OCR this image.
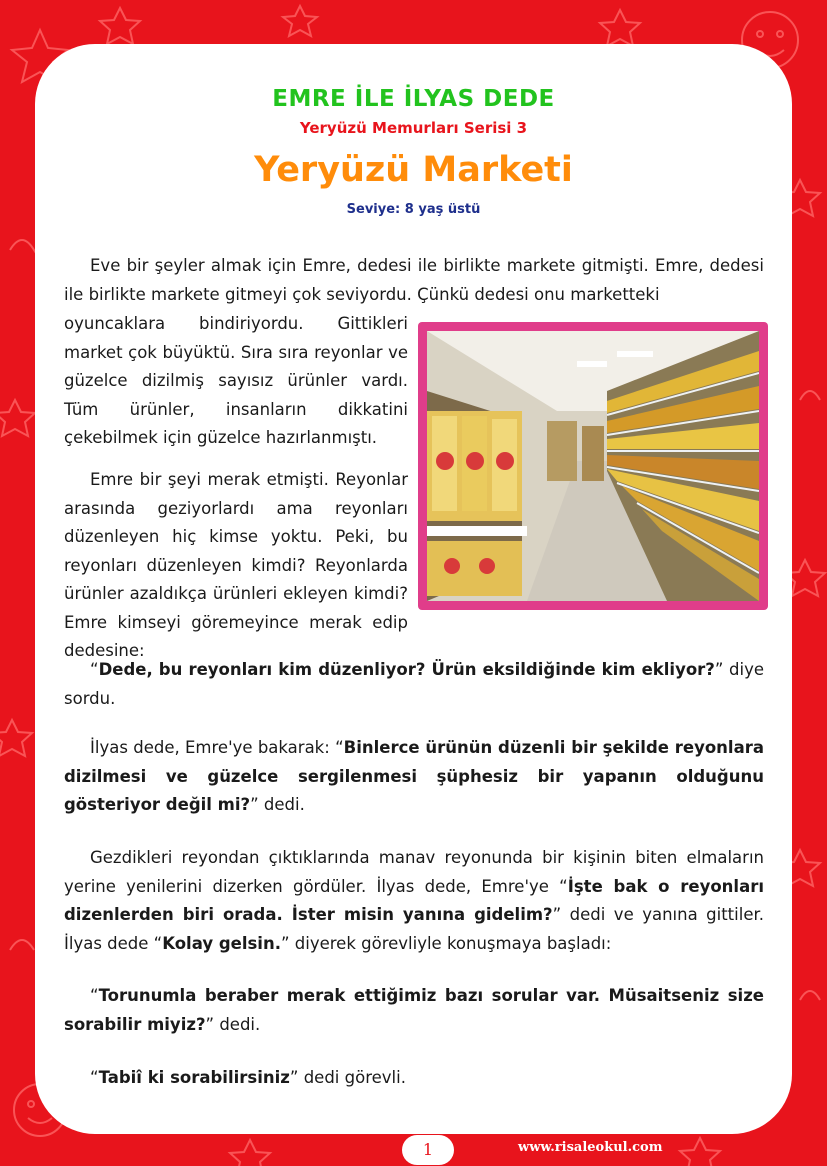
EMRE İLE İLYAS DEDE
Yeryüzü Memurları Serisi 3
Yeryüzü Marketi
Seviye: 8 yaş üstü
Eve bir şeyler almak için Emre, dedesi ile birlikte markete gitmişti. Emre, dedesi ile birlikte markete gitmeyi çok seviyordu. Çünkü dedesi onu marketteki
oyuncaklara bindiriyordu. Gittikleri market çok büyüktü. Sıra sıra reyonlar ve güzelce dizilmiş sayısız ürünler vardı. Tüm ürünler, insanların dikkatini çekebilmek için güzelce hazırlanmıştı.
Emre bir şeyi merak etmişti. Reyonlar arasında geziyorlardı ama reyonları düzenleyen hiç kimse yoktu. Peki, bu reyonları düzenleyen kimdi? Reyonlarda ürünler azaldıkça ürünleri ekleyen kimdi? Emre kimseyi göremeyince merak edip dedesine:
“Dede, bu reyonları kim düzenliyor? Ürün eksildiğinde kim ekliyor?” diye sordu.
İlyas dede, Emre'ye bakarak: “Binlerce ürünün düzenli bir şekilde reyonlara dizilmesi ve güzelce sergilenmesi şüphesiz bir yapanın olduğunu gösteriyor değil mi?” dedi.
Gezdikleri reyondan çıktıklarında manav reyonunda bir kişinin biten elmaların yerine yenilerini dizerken gördüler. İlyas dede, Emre'ye “İşte bak o reyonları dizenlerden biri orada. İster misin yanına gidelim?” dedi ve yanına gittiler. İlyas dede “Kolay gelsin.” diyerek görevliyle konuşmaya başladı:
“Torunumla beraber merak ettiğimiz bazı sorular var. Müsaitseniz size sorabilir miyiz?” dedi.
“Tabiî ki sorabilirsiniz” dedi görevli.
1	www.risaleokul.com
